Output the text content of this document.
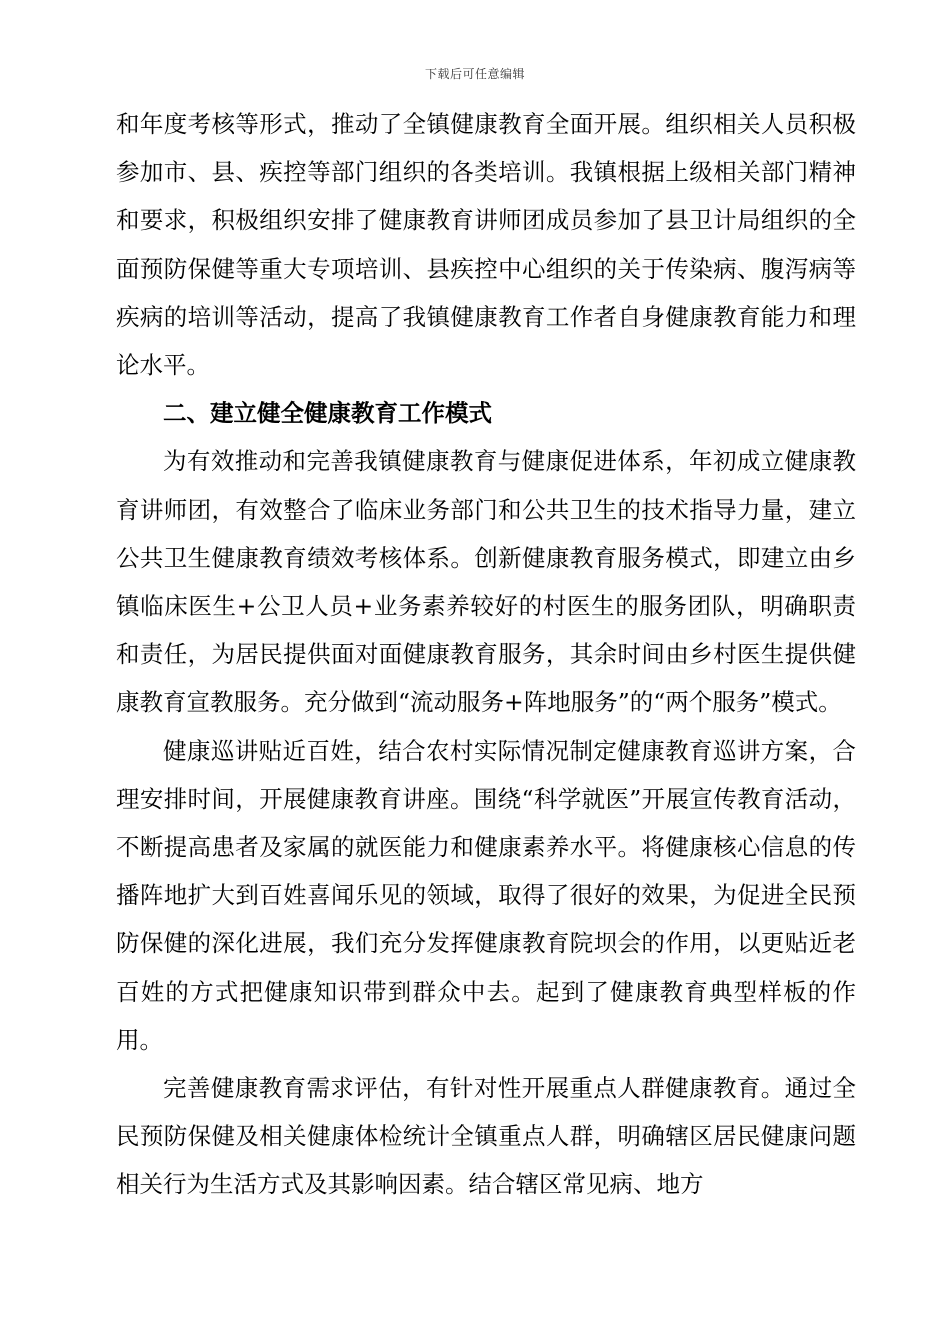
下载后可任意编辑

和年度考核等形式，推动了全镇健康教育全面开展。组织相关人员积极参加市、县、疾控等部门组织的各类培训。我镇根据上级相关部门精神和要求，积极组织安排了健康教育讲师团成员参加了县卫计局组织的全面预防保健等重大专项培训、县疾控中心组织的关于传染病、腹泻病等疾病的培训等活动，提高了我镇健康教育工作者自身健康教育能力和理论水平。

二、建立健全健康教育工作模式

为有效推动和完善我镇健康教育与健康促进体系，年初成立健康教育讲师团，有效整合了临床业务部门和公共卫生的技术指导力量，建立公共卫生健康教育绩效考核体系。创新健康教育服务模式，即建立由乡镇临床医生+公卫人员+业务素养较好的村医生的服务团队，明确职责和责任，为居民提供面对面健康教育服务，其余时间由乡村医生提供健康教育宣教服务。充分做到“流动服务+阵地服务”的“两个服务”模式。

健康巡讲贴近百姓，结合农村实际情况制定健康教育巡讲方案，合理安排时间，开展健康教育讲座。围绕“科学就医”开展宣传教育活动，不断提高患者及家属的就医能力和健康素养水平。将健康核心信息的传播阵地扩大到百姓喜闻乐见的领域，取得了很好的效果，为促进全民预防保健的深化进展，我们充分发挥健康教育院坝会的作用，以更贴近老百姓的方式把健康知识带到群众中去。起到了健康教育典型样板的作用。

完善健康教育需求评估，有针对性开展重点人群健康教育。通过全民预防保健及相关健康体检统计全镇重点人群，明确辖区居民健康问题相关行为生活方式及其影响因素。结合辖区常见病、地方
